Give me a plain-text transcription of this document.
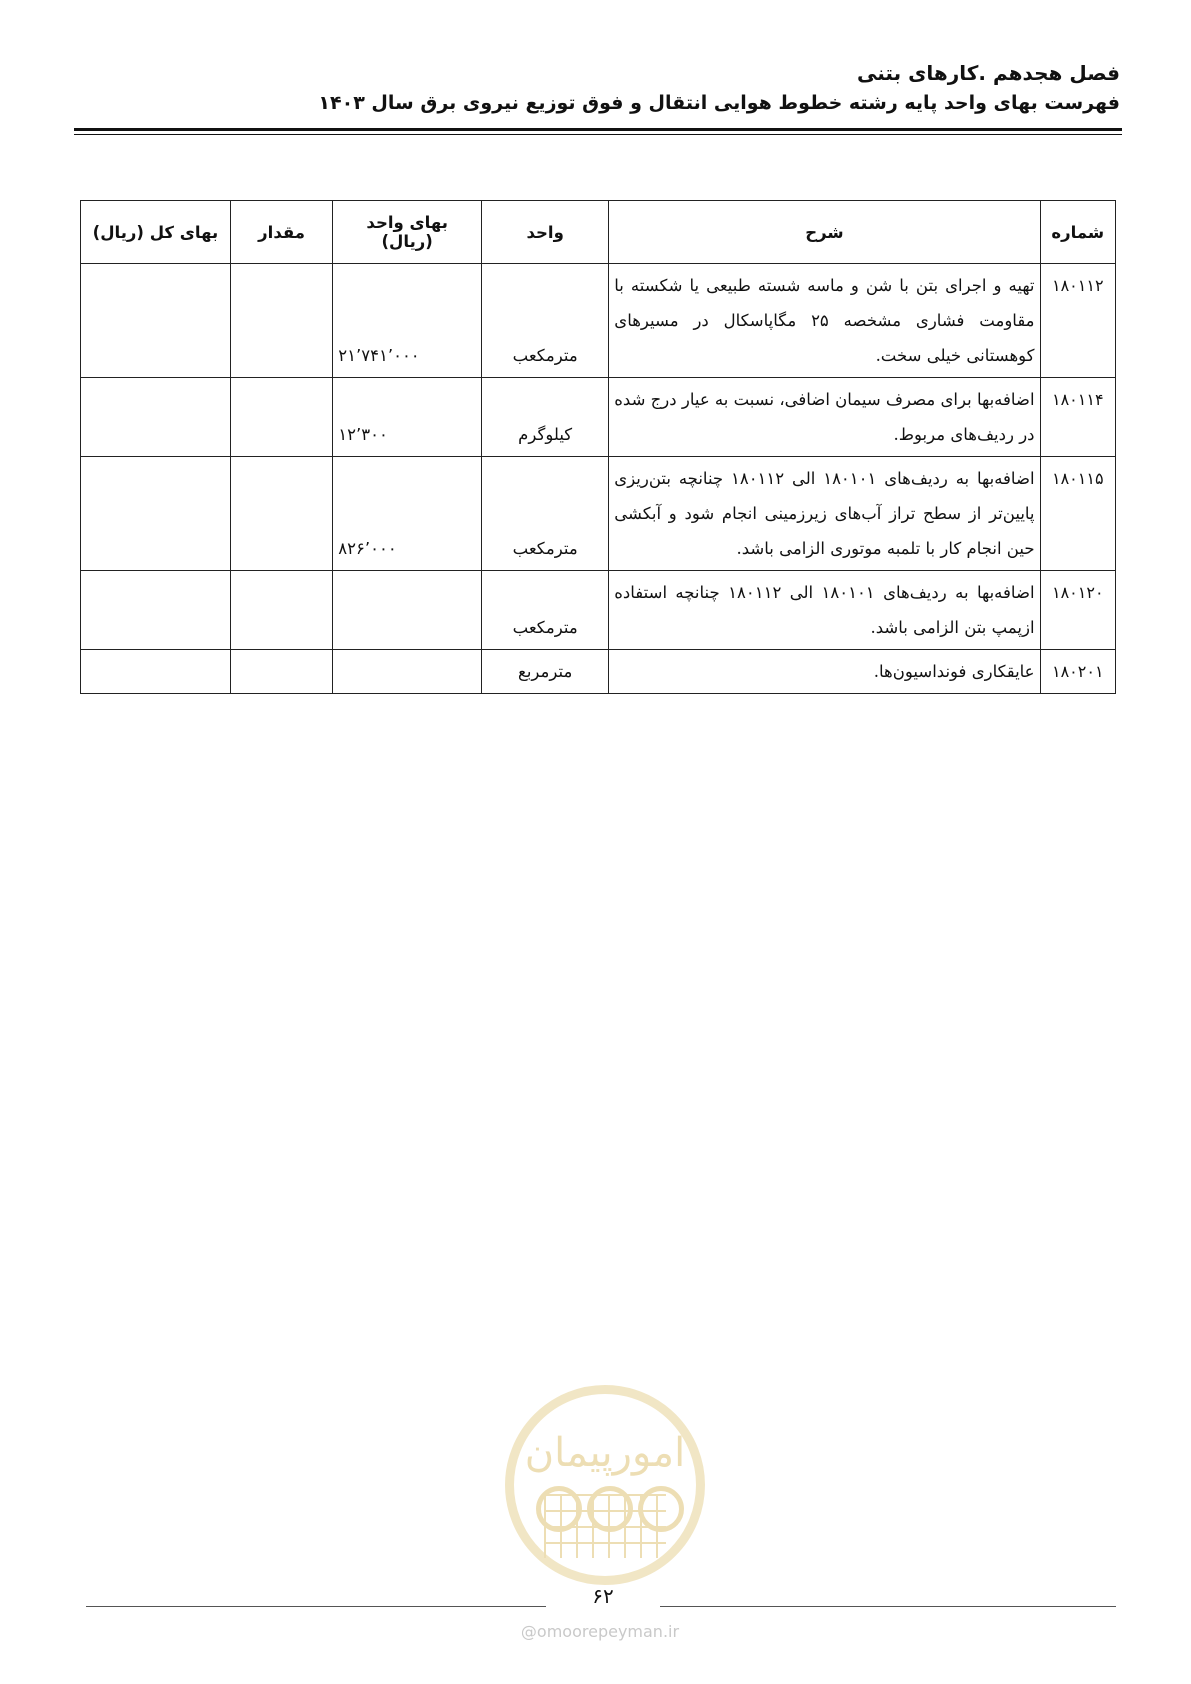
فصل هجدهم .کارهای بتنی
فهرست بهای واحد پایه رشته خطوط هوایی انتقال و فوق توزیع نیروی برق سال ۱۴۰۳
شماره	شرح	واحد	بهای واحد (ریال)	مقدار	بهای کل (ریال)
۱۸۰۱۱۲	تهیه و اجرای بتن با شن و ماسه شسته طبیعی یا شکسته با مقاومت فشاری مشخصه ۲۵ مگاپاسکال در مسیرهای کوهستانی خیلی سخت.	مترمکعب	۲۱٬۷۴۱٬۰۰۰		
۱۸۰۱۱۴	اضافه‌بها برای مصرف سیمان اضافی، نسبت به عیار درج شده در ردیف‌های مربوط.	کیلوگرم	۱۲٬۳۰۰		
۱۸۰۱۱۵	اضافه‌بها به ردیف‌های ۱۸۰۱۰۱ الی ۱۸۰۱۱۲ چنانچه بتن‌ریزی پایین‌تر از سطح تراز آب‌های زیرزمینی انجام شود و آبکشی حین انجام کار با تلمبه موتوری الزامی باشد.	مترمکعب	۸۲۶٬۰۰۰		
۱۸۰۱۲۰	اضافه‌بها به ردیف‌های ۱۸۰۱۰۱ الی ۱۸۰۱۱۲ چنانچه استفاده ازپمپ بتن الزامی باشد.	مترمکعب			
۱۸۰۲۰۱	عایقکاری فونداسیون‌ها.	مترمربع			
امورپیمان
۶۲
@omoorepeyman.ir
